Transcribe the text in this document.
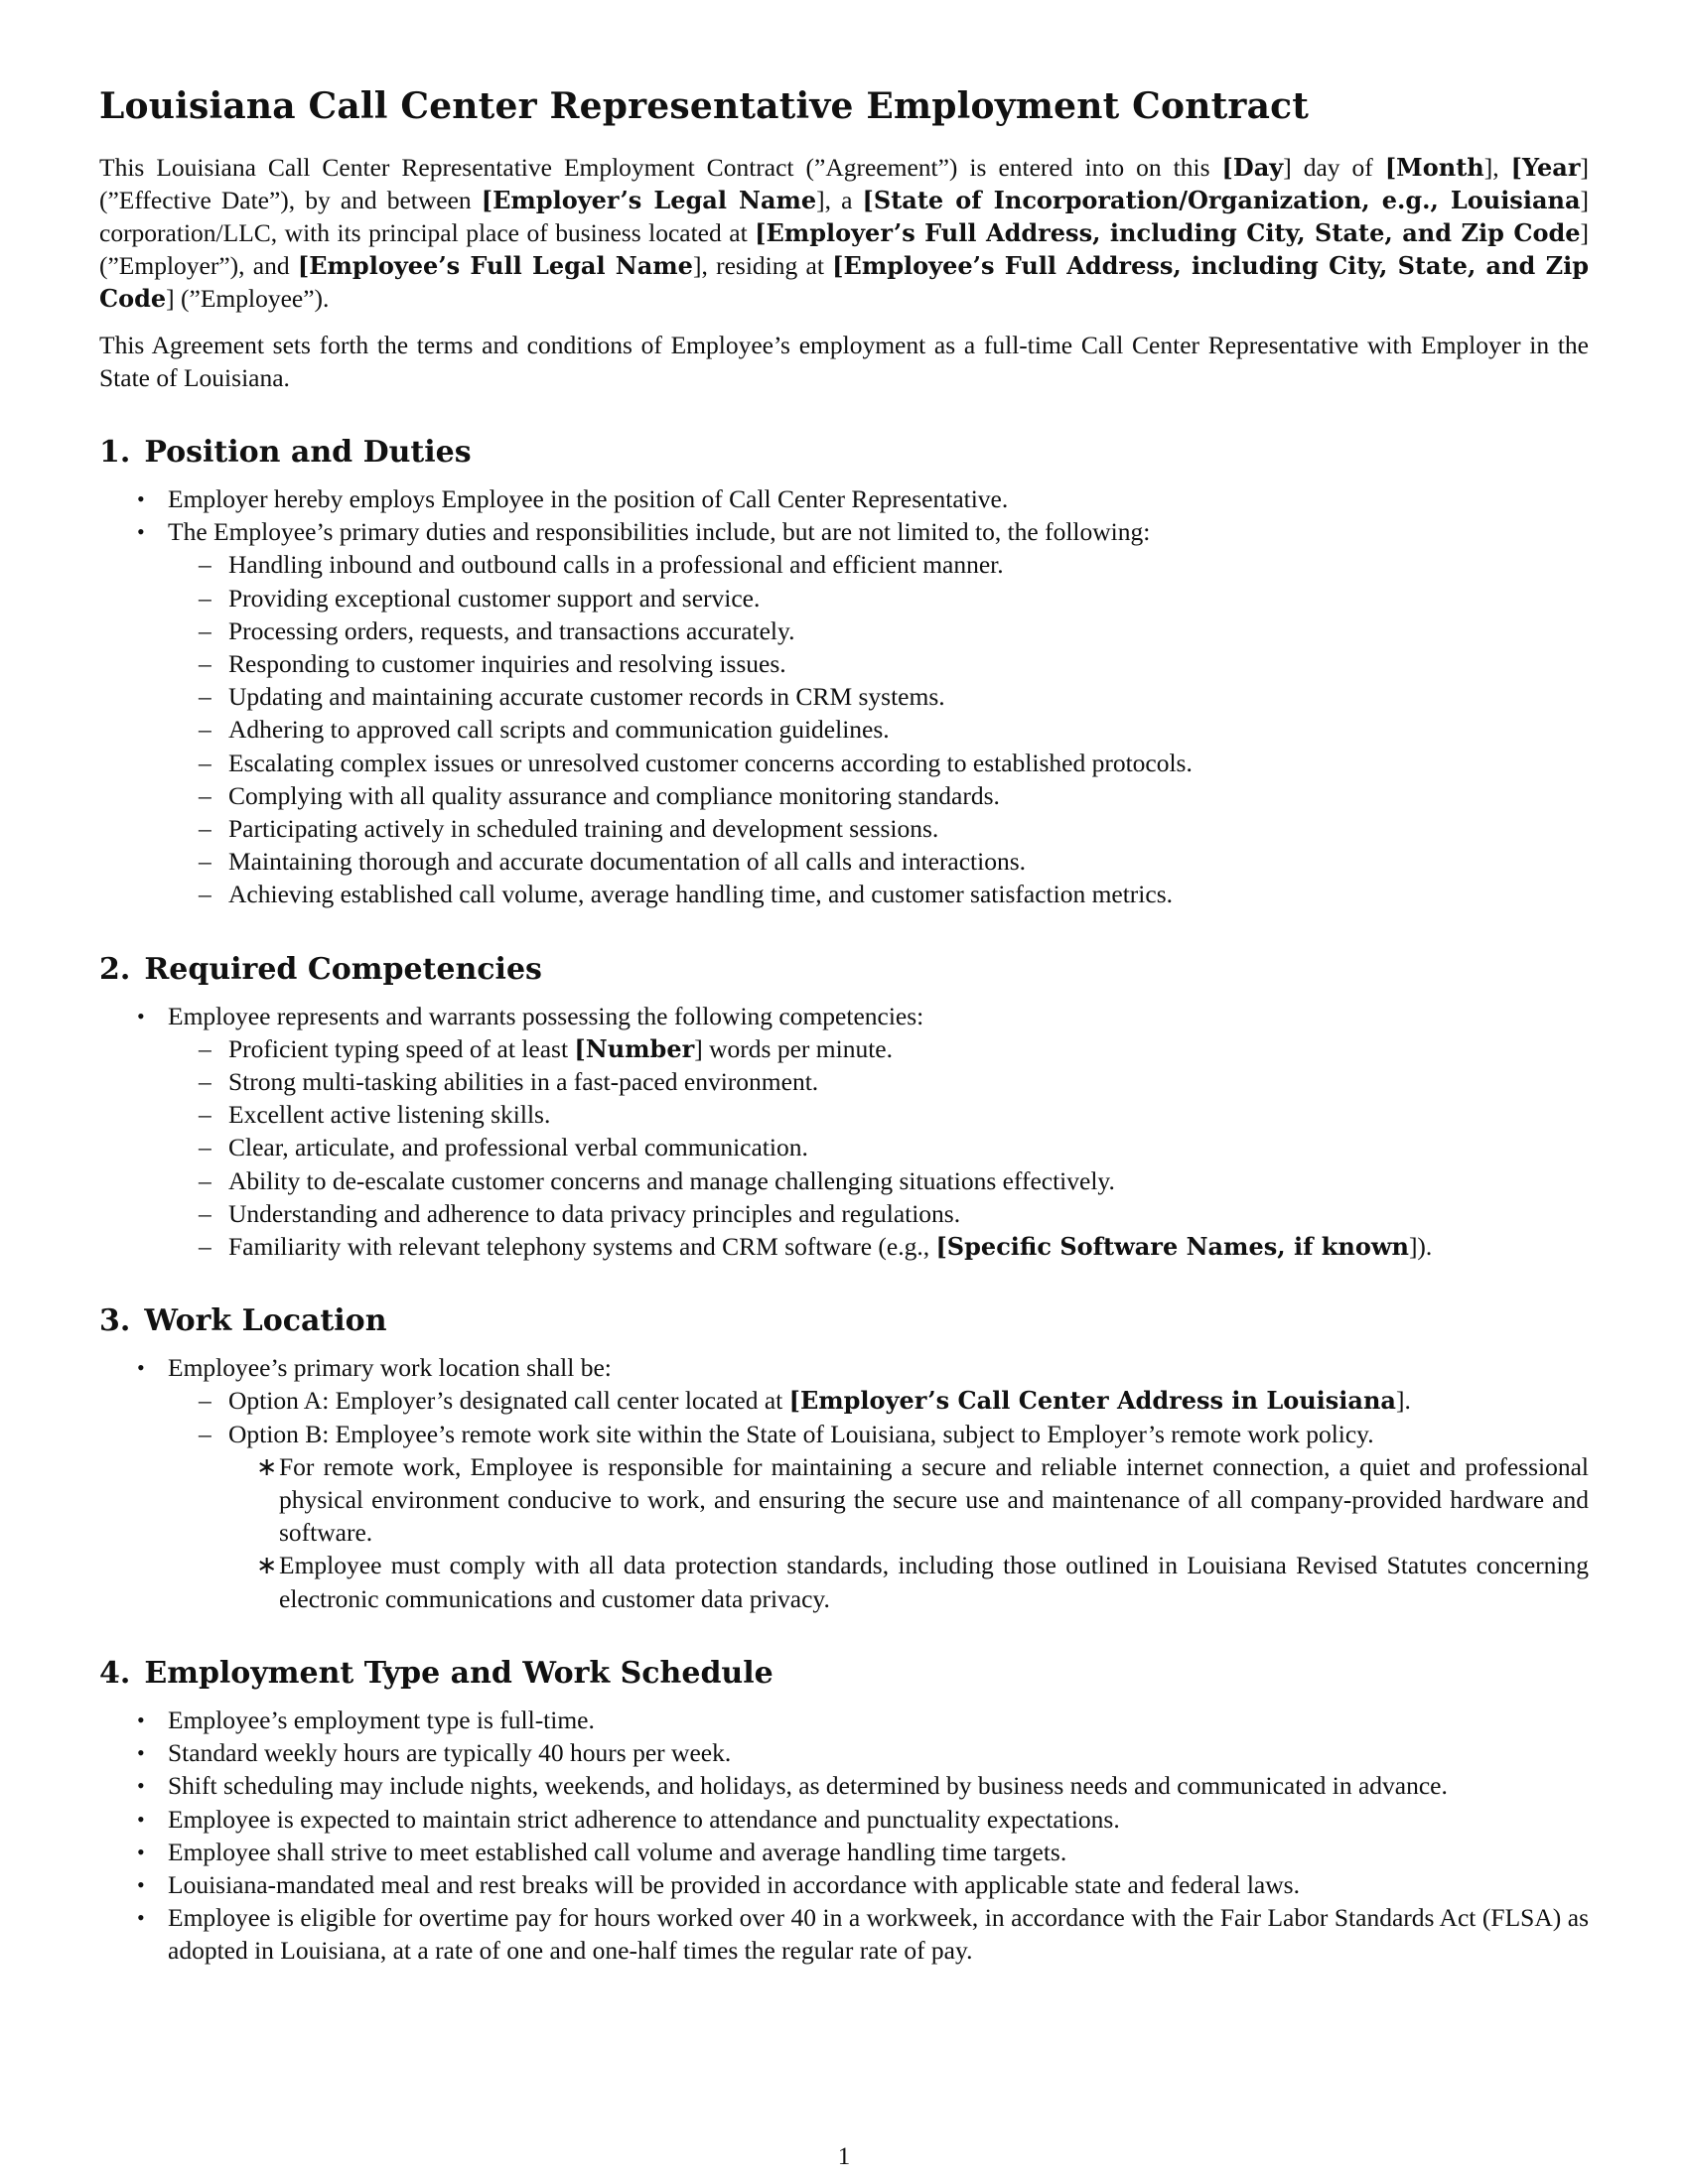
Louisiana Call Center Representative Employment Contract

This Louisiana Call Center Representative Employment Contract (”Agreement”) is entered into on this [Day] day of [Month], [Year] (”Effective Date”), by and between [Employer’s Legal Name], a [State of Incorporation/Organization, e.g., Louisiana] corporation/LLC, with its principal place of business located at [Employer’s Full Address, including City, State, and Zip Code] (”Employer”), and [Employee’s Full Legal Name], residing at [Employee’s Full Address, including City, State, and Zip Code] (”Employee”).

This Agreement sets forth the terms and conditions of Employee’s employment as a full-time Call Center Representative with Employer in the State of Louisiana.

1. Position and Duties
• Employer hereby employs Employee in the position of Call Center Representative.
• The Employee’s primary duties and responsibilities include, but are not limited to, the following:
– Handling inbound and outbound calls in a professional and efficient manner.
– Providing exceptional customer support and service.
– Processing orders, requests, and transactions accurately.
– Responding to customer inquiries and resolving issues.
– Updating and maintaining accurate customer records in CRM systems.
– Adhering to approved call scripts and communication guidelines.
– Escalating complex issues or unresolved customer concerns according to established protocols.
– Complying with all quality assurance and compliance monitoring standards.
– Participating actively in scheduled training and development sessions.
– Maintaining thorough and accurate documentation of all calls and interactions.
– Achieving established call volume, average handling time, and customer satisfaction metrics.
2. Required Competencies
• Employee represents and warrants possessing the following competencies:
– Proficient typing speed of at least [Number] words per minute.
– Strong multi-tasking abilities in a fast-paced environment.
– Excellent active listening skills.
– Clear, articulate, and professional verbal communication.
– Ability to de-escalate customer concerns and manage challenging situations effectively.
– Understanding and adherence to data privacy principles and regulations.
– Familiarity with relevant telephony systems and CRM software (e.g., [Specific Software Names, if known]).
3. Work Location
• Employee’s primary work location shall be:
– Option A: Employer’s designated call center located at [Employer’s Call Center Address in Louisiana].
– Option B: Employee’s remote work site within the State of Louisiana, subject to Employer’s remote work policy.
∗ For remote work, Employee is responsible for maintaining a secure and reliable internet connection, a quiet and professional physical environment conducive to work, and ensuring the secure use and maintenance of all company-provided hardware and software.
∗ Employee must comply with all data protection standards, including those outlined in Louisiana Revised Statutes concerning electronic communications and customer data privacy.
4. Employment Type and Work Schedule
• Employee’s employment type is full-time.
• Standard weekly hours are typically 40 hours per week.
• Shift scheduling may include nights, weekends, and holidays, as determined by business needs and communicated in advance.
• Employee is expected to maintain strict adherence to attendance and punctuality expectations.
• Employee shall strive to meet established call volume and average handling time targets.
• Louisiana-mandated meal and rest breaks will be provided in accordance with applicable state and federal laws.
• Employee is eligible for overtime pay for hours worked over 40 in a workweek, in accordance with the Fair Labor Standards Act (FLSA) as adopted in Louisiana, at a rate of one and one-half times the regular rate of pay.
1
